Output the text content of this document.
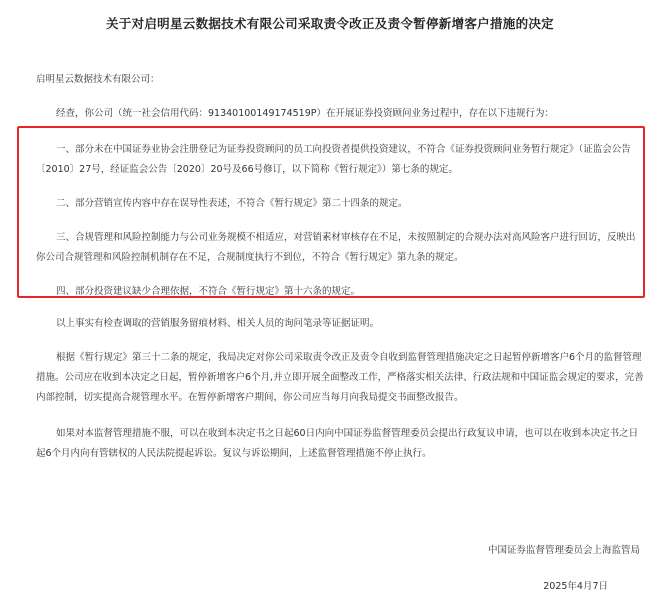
关于对启明星云数据技术有限公司采取责令改正及责令暂停新增客户措施的决定

启明星云数据技术有限公司：

经查，你公司（统一社会信用代码：91340100149174519P）在开展证券投资顾问业务过程中，存在以下违规行为：

一、部分未在中国证券业协会注册登记为证券投资顾问的员工向投资者提供投资建议，不符合《证券投资顾问业务暂行规定》（证监会公告〔2010〕27号，经证监会公告〔2020〕20号及66号修订，以下简称《暂行规定》）第七条的规定。

二、部分营销宣传内容中存在误导性表述，不符合《暂行规定》第二十四条的规定。

三、合规管理和风险控制能力与公司业务规模不相适应，对营销素材审核存在不足，未按照制定的合规办法对高风险客户进行回访，反映出你公司合规管理和风险控制机制存在不足，合规制度执行不到位，不符合《暂行规定》第九条的规定。

四、部分投资建议缺少合理依据，不符合《暂行规定》第十六条的规定。

以上事实有检查调取的营销服务留痕材料、相关人员的询问笔录等证据证明。

根据《暂行规定》第三十二条的规定，我局决定对你公司采取责令改正及责令自收到监督管理措施决定之日起暂停新增客户6个月的监督管理措施。公司应在收到本决定之日起，暂停新增客户6个月,并立即开展全面整改工作，严格落实相关法律、行政法规和中国证监会规定的要求，完善内部控制，切实提高合规管理水平。在暂停新增客户期间，你公司应当每月向我局提交书面整改报告。

如果对本监督管理措施不服，可以在收到本决定书之日起60日内向中国证券监督管理委员会提出行政复议申请，也可以在收到本决定书之日起6个月内向有管辖权的人民法院提起诉讼。复议与诉讼期间，上述监督管理措施不停止执行。

中国证券监督管理委员会上海监管局
2025年4月7日
